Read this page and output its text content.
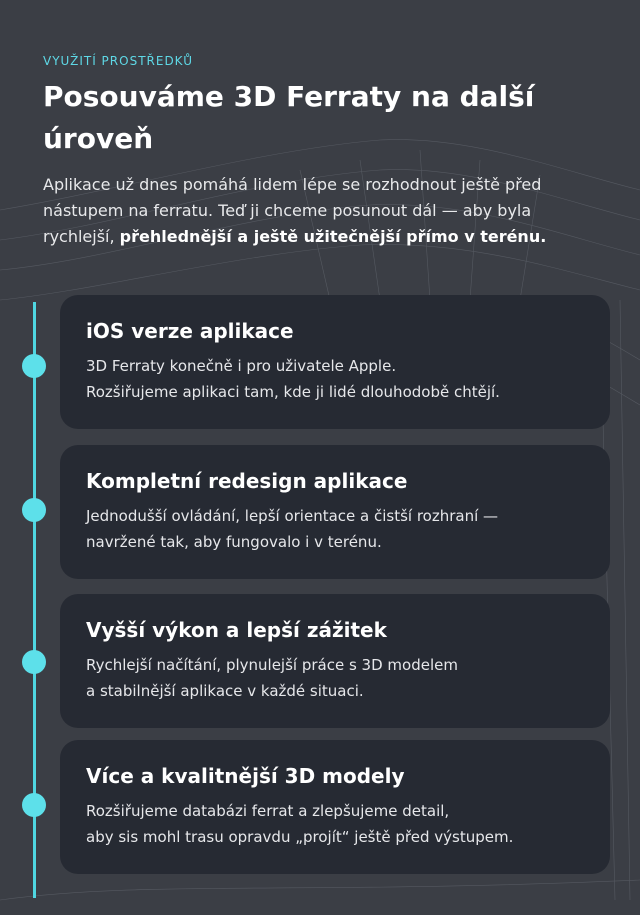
VYUŽITÍ PROSTŘEDKŮ
Posouváme 3D Ferraty na další úroveň

Aplikace už dnes pomáhá lidem lépe se rozhodnout ještě před nástupem na ferratu. Teď ji chceme posunout dál — aby byla rychlejší, přehlednější a ještě užitečnější přímo v terénu.

iOS verze aplikace

3D Ferraty konečně i pro uživatele Apple.
Rozšiřujeme aplikaci tam, kde ji lidé dlouhodobě chtějí.

Kompletní redesign aplikace

Jednodušší ovládání, lepší orientace a čistší rozhraní —
navržené tak, aby fungovalo i v terénu.

Vyšší výkon a lepší zážitek

Rychlejší načítání, plynulejší práce s 3D modelem
a stabilnější aplikace v každé situaci.

Více a kvalitnější 3D modely

Rozšiřujeme databázi ferrat a zlepšujeme detail,
aby sis mohl trasu opravdu „projít“ ještě před výstupem.
